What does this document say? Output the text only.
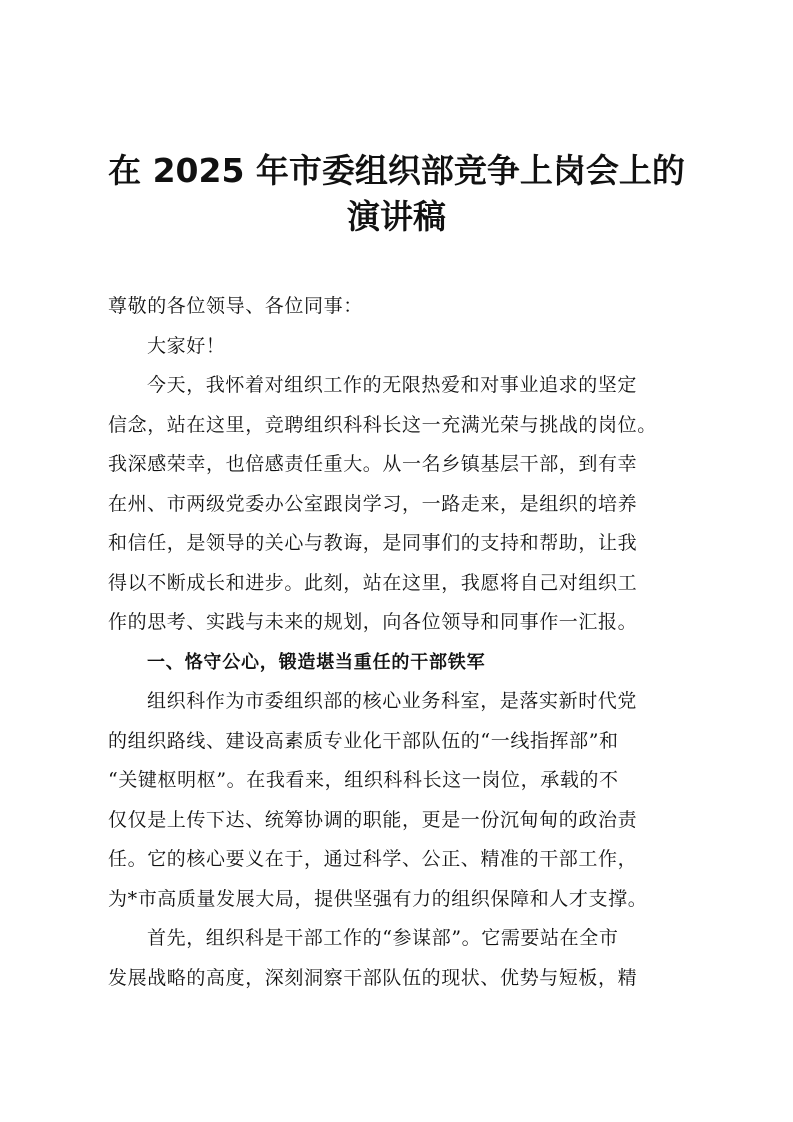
在 2025 年市委组织部竞争上岗会上的
演讲稿
尊敬的各位领导、各位同事：
大家好！
今天，我怀着对组织工作的无限热爱和对事业追求的坚定
信念，站在这里，竞聘组织科科长这一充满光荣与挑战的岗位。
我深感荣幸，也倍感责任重大。从一名乡镇基层干部，到有幸
在州、市两级党委办公室跟岗学习，一路走来，是组织的培养
和信任，是领导的关心与教诲，是同事们的支持和帮助，让我
得以不断成长和进步。此刻，站在这里，我愿将自己对组织工
作的思考、实践与未来的规划，向各位领导和同事作一汇报。
一、恪守公心，锻造堪当重任的干部铁军
组织科作为市委组织部的核心业务科室，是落实新时代党
的组织路线、建设高素质专业化干部队伍的“一线指挥部”和
“关键枢明枢”。在我看来，组织科科长这一岗位，承载的不
仅仅是上传下达、统筹协调的职能，更是一份沉甸甸的政治责
任。它的核心要义在于，通过科学、公正、精准的干部工作，
为*市高质量发展大局，提供坚强有力的组织保障和人才支撑。
首先，组织科是干部工作的“参谋部”。它需要站在全市
发展战略的高度，深刻洞察干部队伍的现状、优势与短板，精
